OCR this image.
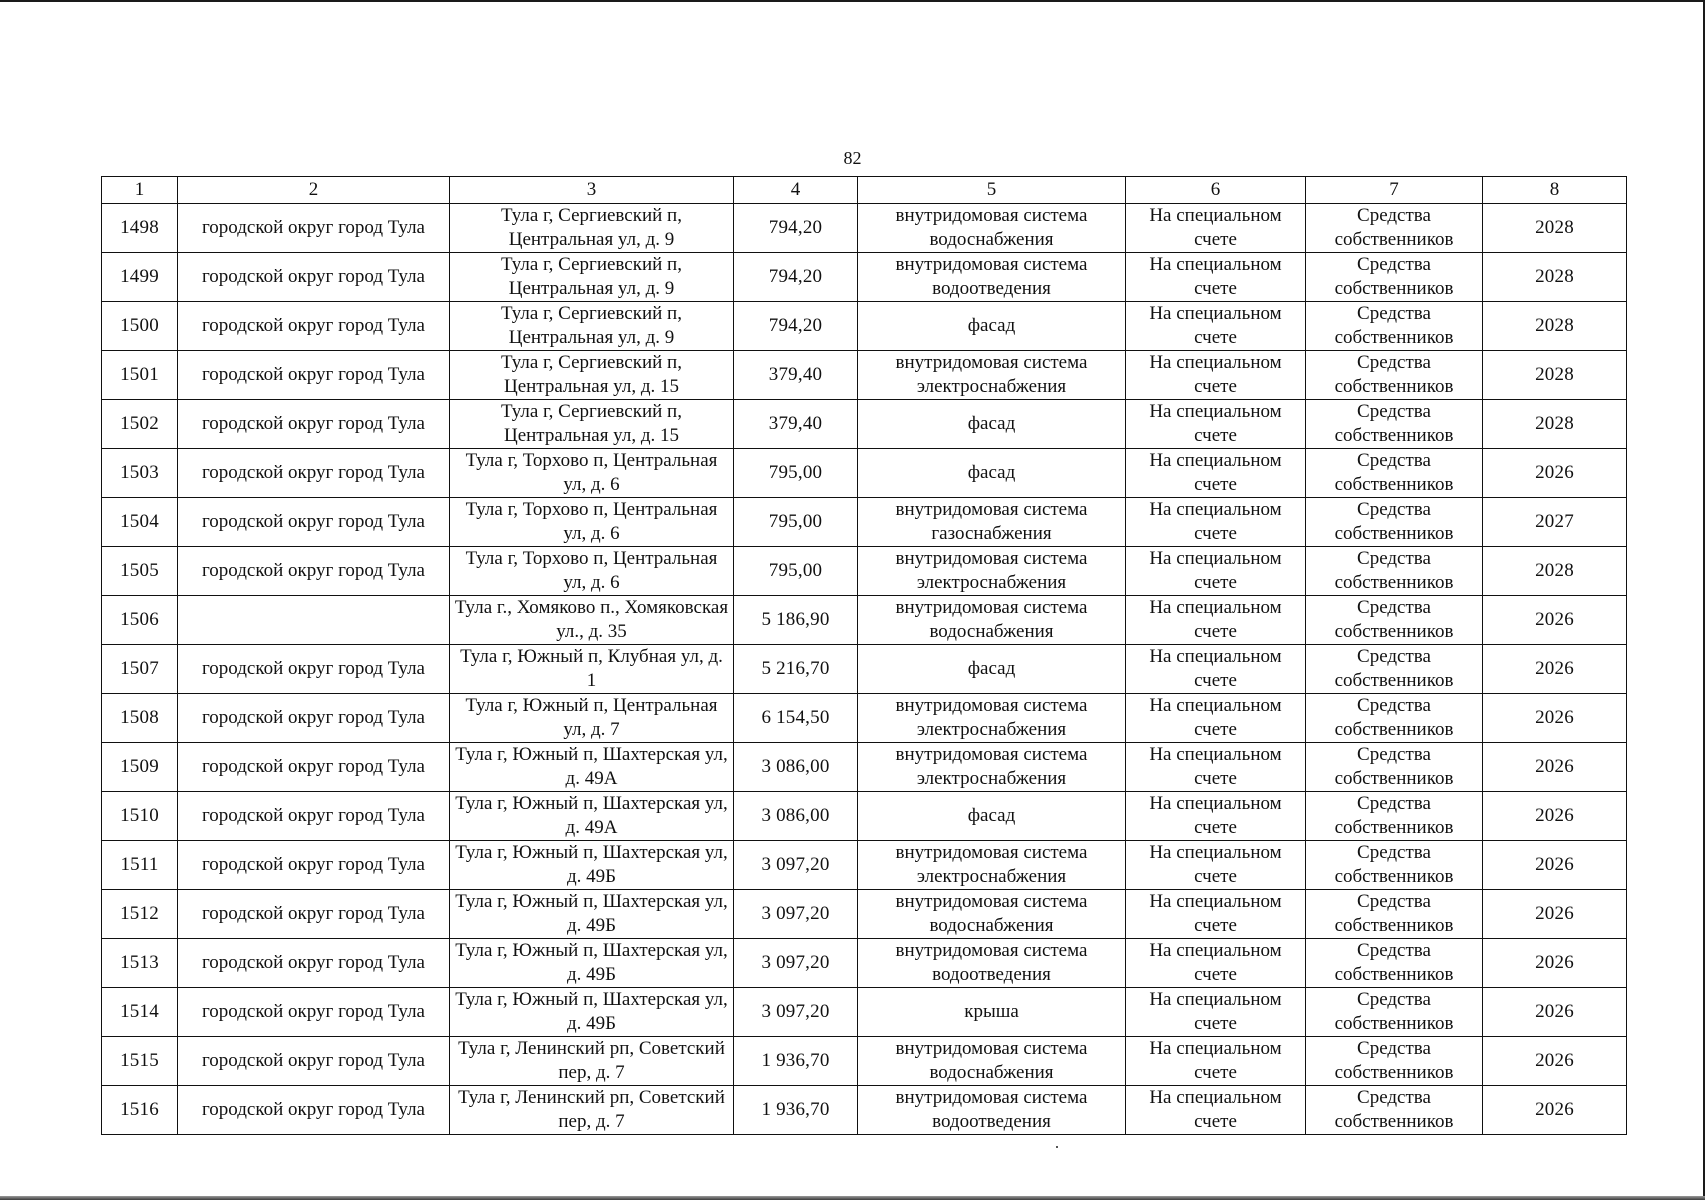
82
1	2	3	4	5	6	7	8
1498	городской округ город Тула	Тула г, Сергиевский п, Центральная ул, д. 9	794,20	внутридомовая система водоснабжения	На специальном счете	Средства собственников	2028
1499	городской округ город Тула	Тула г, Сергиевский п, Центральная ул, д. 9	794,20	внутридомовая система водоотведения	На специальном счете	Средства собственников	2028
1500	городской округ город Тула	Тула г, Сергиевский п, Центральная ул, д. 9	794,20	фасад	На специальном счете	Средства собственников	2028
1501	городской округ город Тула	Тула г, Сергиевский п, Центральная ул, д. 15	379,40	внутридомовая система электроснабжения	На специальном счете	Средства собственников	2028
1502	городской округ город Тула	Тула г, Сергиевский п, Центральная ул, д. 15	379,40	фасад	На специальном счете	Средства собственников	2028
1503	городской округ город Тула	Тула г, Торхово п, Центральная ул, д. 6	795,00	фасад	На специальном счете	Средства собственников	2026
1504	городской округ город Тула	Тула г, Торхово п, Центральная ул, д. 6	795,00	внутридомовая система газоснабжения	На специальном счете	Средства собственников	2027
1505	городской округ город Тула	Тула г, Торхово п, Центральная ул, д. 6	795,00	внутридомовая система электроснабжения	На специальном счете	Средства собственников	2028
1506		Тула г., Хомяково п., Хомяковская ул., д. 35	5 186,90	внутридомовая система водоснабжения	На специальном счете	Средства собственников	2026
1507	городской округ город Тула	Тула г, Южный п, Клубная ул, д. 1	5 216,70	фасад	На специальном счете	Средства собственников	2026
1508	городской округ город Тула	Тула г, Южный п, Центральная ул, д. 7	6 154,50	внутридомовая система электроснабжения	На специальном счете	Средства собственников	2026
1509	городской округ город Тула	Тула г, Южный п, Шахтерская ул, д. 49А	3 086,00	внутридомовая система электроснабжения	На специальном счете	Средства собственников	2026
1510	городской округ город Тула	Тула г, Южный п, Шахтерская ул, д. 49А	3 086,00	фасад	На специальном счете	Средства собственников	2026
1511	городской округ город Тула	Тула г, Южный п, Шахтерская ул, д. 49Б	3 097,20	внутридомовая система электроснабжения	На специальном счете	Средства собственников	2026
1512	городской округ город Тула	Тула г, Южный п, Шахтерская ул, д. 49Б	3 097,20	внутридомовая система водоснабжения	На специальном счете	Средства собственников	2026
1513	городской округ город Тула	Тула г, Южный п, Шахтерская ул, д. 49Б	3 097,20	внутридомовая система водоотведения	На специальном счете	Средства собственников	2026
1514	городской округ город Тула	Тула г, Южный п, Шахтерская ул, д. 49Б	3 097,20	крыша	На специальном счете	Средства собственников	2026
1515	городской округ город Тула	Тула г, Ленинский рп, Советский пер, д. 7	1 936,70	внутридомовая система водоснабжения	На специальном счете	Средства собственников	2026
1516	городской округ город Тула	Тула г, Ленинский рп, Советский пер, д. 7	1 936,70	внутридомовая система водоотведения	На специальном счете	Средства собственников	2026
